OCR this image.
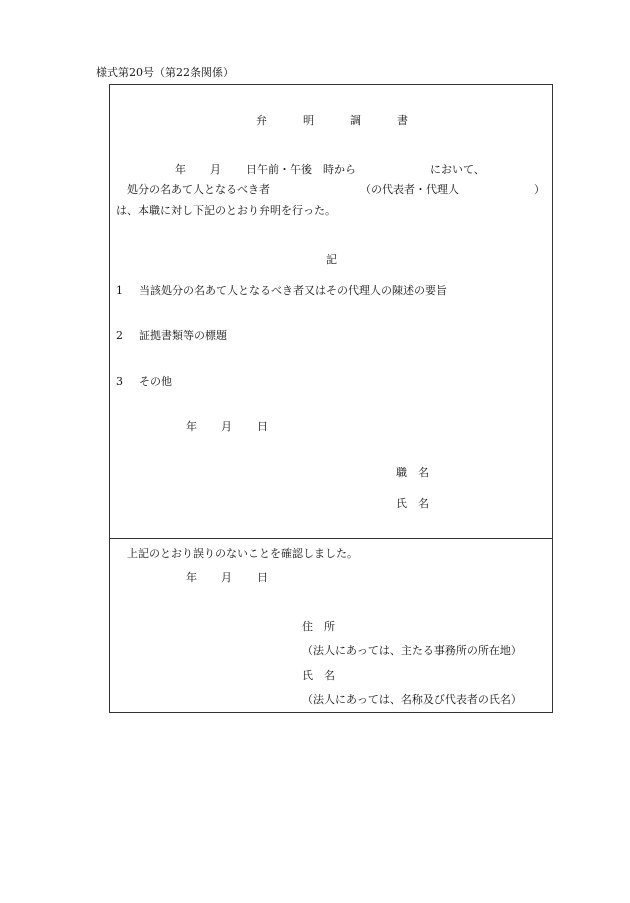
様式第20号（第22条関係）
弁	明	調	書
年 月 日午前・午後　時から	において、
処分の名あて人となるべき者	（の代表者・代理人	）
は、本職に対し下記のとおり弁明を行った。
記
1 当該処分の名あて人となるべき者又はその代理人の陳述の要旨
2 証拠書類等の標題
3 その他
年 月 日
職　名
氏　名
上記のとおり誤りのないことを確認しました。
年 月 日
住　所
（法人にあっては、主たる事務所の所在地）
氏　名
（法人にあっては、名称及び代表者の氏名）
